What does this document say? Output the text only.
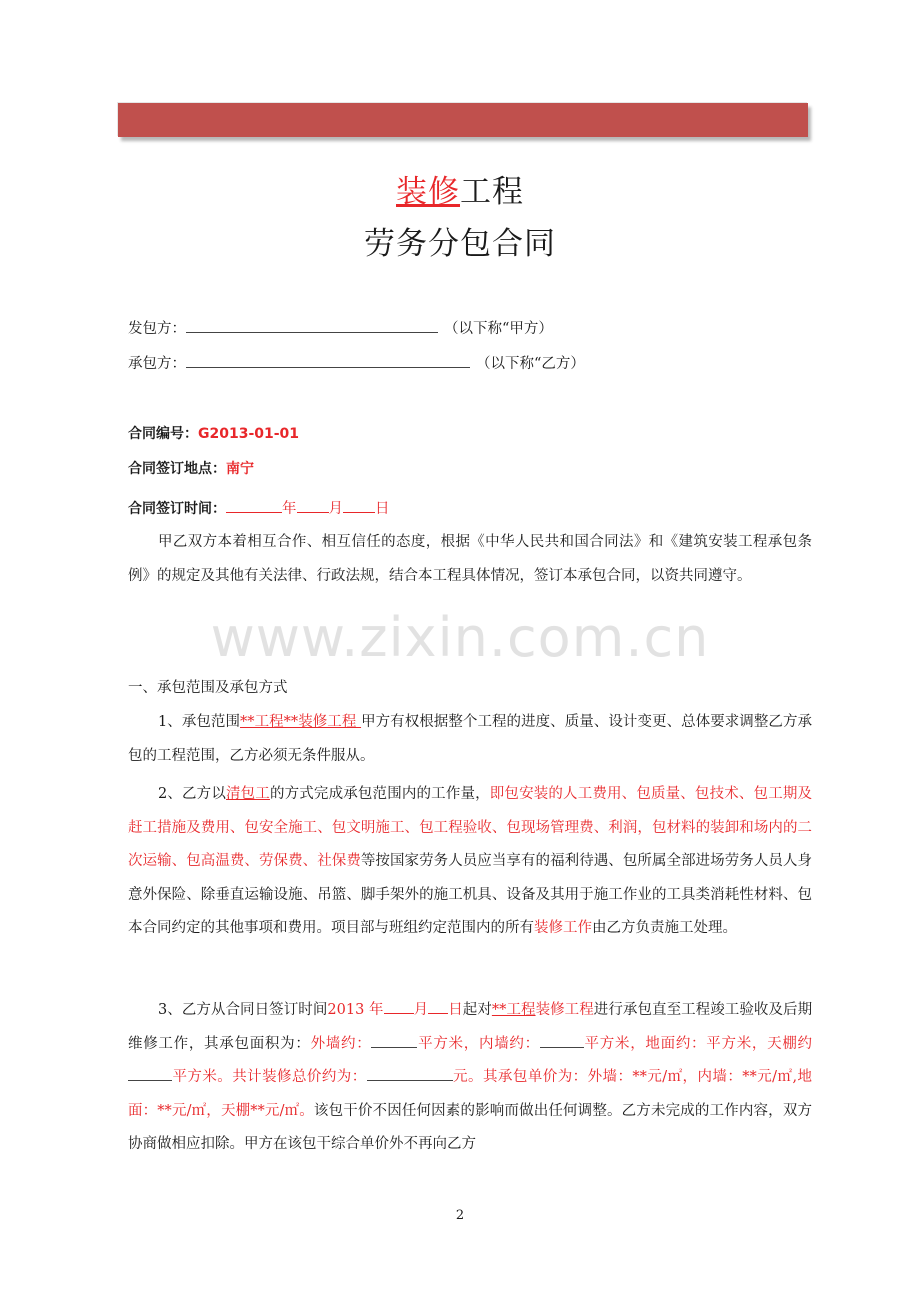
装修工程
劳务分包合同
发包方：	（以下称“甲方）
承包方：	（以下称“乙方）
合同编号：G2013-01-01
合同签订地点：南宁
合同签订时间：	年 月 日
甲乙双方本着相互合作、相互信任的态度，根据《中华人民共和国合同法》和《建筑安装工程承包条例》的规定及其他有关法律、行政法规，结合本工程具体情况，签订本承包合同，以资共同遵守。
www.zixin.com.cn
一、承包范围及承包方式
1、承包范围**工程**装修工程 甲方有权根据整个工程的进度、质量、设计变更、总体要求调整乙方承包的工程范围，乙方必须无条件服从。
2、乙方以清包工的方式完成承包范围内的工作量，即包安装的人工费用、包质量、包技术、包工期及赶工措施及费用、包安全施工、包文明施工、包工程验收、包现场管理费、利润，包材料的装卸和场内的二次运输、包高温费、劳保费、社保费等按国家劳务人员应当享有的福利待遇、包所属全部进场劳务人员人身意外保险、除垂直运输设施、吊篮、脚手架外的施工机具、设备及其用于施工作业的工具类消耗性材料、包本合同约定的其他事项和费用。项目部与班组约定范围内的所有装修工作由乙方负责施工处理。
3、乙方从合同日签订时间2013 年 月 日起对**工程装修工程进行承包直至工程竣工验收及后期维修工作，其承包面积为：外墙约：	平方米，内墙约：	平方米，地面约：平方米，天棚约平方米。共计装修总价约为：	元。其承包单价为：外墙：**元/㎡，内墙：**元/㎡,地面：**元/㎡，天棚**元/㎡。该包干价不因任何因素的影响而做出任何调整。乙方未完成的工作内容，双方协商做相应扣除。甲方在该包干综合单价外不再向乙方
2
